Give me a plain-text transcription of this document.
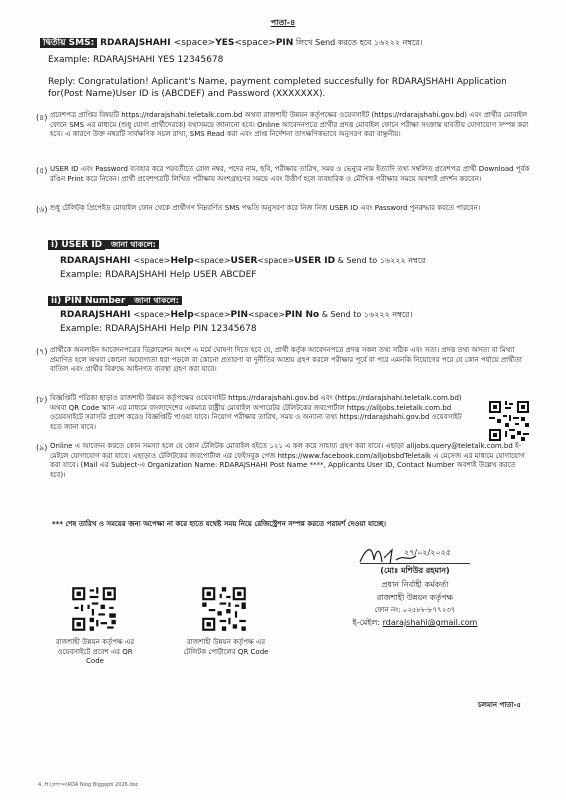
পাতা-৪
দ্বিতীয় SMS: RDARAJSHAHI <space>YES<space>PIN লিখে Send করতে হবে ১৬২২২ নম্বরে।
Example: RDARAJSHAHI YES 12345678
Reply: Congratulation! Aplicant's Name, payment completed succesfully for RDARAJSHAHI Application for(Post Name)User ID is (ABCDEF) and Password (XXXXXXX).
(৪) প্রবেশপত্র প্রাপ্তির বিষয়টি https://rdarajshahi.teletalk.com.bd অথবা রাজশাহী উন্নয়ন কর্তৃপক্ষের ওয়েবসাইট (https://rdarajshahi.gov.bd) এবং প্রার্থীর মোবাইল ফোনে SMS এর মাধ্যমে (শুধু যোগ্য প্রার্থীদেরকে) যথাসময়ে জানানো হবে। Online আবেদনপত্রে প্রার্থীর প্রদত্ত মোবাইল ফোনে পরীক্ষা সংক্রান্ত যাবতীয় যোগাযোগ সম্পন্ন করা হবে। এ কারণে উক্ত নম্বরটি সার্বক্ষণিক সচল রাখা, SMS Read করা এবং প্রাপ্ত নির্দেশনা তাৎক্ষণিকভাবে অনুসরণ করা বাঞ্ছনীয়।
(৫) USER ID এবং Password ব্যবহার করে পরবর্তীতে রোল নম্বর, পদের নাম, ছবি, পরীক্ষার তারিখ, সময় ও ভেন্যুর নাম ইত্যাদি তথ্য সম্বলিত প্রবেশপত্র প্রার্থী Download পূর্বক রঙিন Print করে নিবেন। প্রার্থী প্রবেশপত্রটি লিখিত পরীক্ষায় অংশগ্রহণের সময়ে এবং উত্তীর্ণ হলে ব্যবহারিক ও মৌখিক পরীক্ষার সময়ে অবশ্যই প্রদর্শন করবেন।
(৬) শুধু টেলিটক প্রিপেইড মোবাইল ফোন থেকে প্রার্থীগণ নিম্নবর্ণিত SMS পদ্ধতি অনুসরণ করে নিজ নিজ USER ID এবং Password পুনরুদ্ধার করতে পারবেন।
i) USER ID জানা থাকলে:
RDARAJSHAHI <space>Help<space>USER<space>USER ID & Send to ১৬২২২ নম্বরে
Example: RDARAJSHAHI Help USER ABCDEF
ii) PIN Number জানা থাকলে:
RDARAJSHAHI <space>Help<space>PIN<space>PIN No & Send to ১৬২২২ নম্বরে।
Example: RDARAJSHAHI Help PIN 12345678
(৭) প্রার্থীকে অনলাইন আবেদনপত্রের ডিক্লারেশন অংশে এ মর্মে ঘোষণা দিতে হবে যে, প্রার্থী কর্তৃক আবেদনপত্রে প্রদত্ত সকল তথ্য সঠিক এবং সত্য। প্রদত্ত তথ্য অসত্য বা মিথ্যা প্রমাণিত হলে অথবা কোনো অযোগ্যতা ধরা পড়লে বা কোনো প্রতারণা বা দুর্নীতির আশ্রয় গ্রহণ করলে পরীক্ষার পূর্বে বা পরে এমনকি নিয়োগের পরে যে কোন পর্যায়ে প্রার্থীতা বাতিল এবং প্রার্থীর বিরুদ্ধে আইনগত ব্যবস্থা গ্রহণ করা যাবে।
(৮) বিজ্ঞপ্তিটি পত্রিকা ছাড়াও রাজশাহী উন্নয়ন কর্তৃপক্ষের ওয়েবসাইট https://rdarajshahi.gov.bd এবং (https://rdarajshahi.teletalk.com.bd) অথবা QR Code স্ক্যান এর মাধ্যমে বাংলাদেশের একমাত্র রাষ্ট্রীয় মোবাইল অপারেটর টেলিটকের জবপোর্টাল https://alljobs.teletalk.com.bd ওয়েবসাইটে সরাসরি প্রবেশ করেও বিজ্ঞপ্তিটি পাওয়া যাবে। নিয়োগ পরীক্ষার তারিখ, সময় ও অন্যান্য তথ্য https://rdarajshahi.gov.bd ওয়েবসাইট হতে জানা যাবে।
(৯) Online এ আবেদন করতে কোন সমস্যা হলে যে কোন টেলিটক মোবাইল হইতে ১২১ এ কল করে সাহায্য গ্রহণ করা যাবে। এছাড়া alljobs.query@teletalk.com.bd ই-মেইলে যোগাযোগ করা যাবে। এছাড়াও টেলিটকের জবপোর্টাল এর ফেইসবুক পেজ https://www.facebook.com/alljobsbdTeletalk এ মেসেজ এর মাধ্যমে যোগাযোগ করা যাবে। (Mail এর Subject-এ Organization Name: RDARAJSHAHI Post Name ****, Applicants User ID, Contact Number অবশ্যই উল্লেখ করতে হবে)।
*** শেষ তারিখ ও সময়ের জন্য অপেক্ষা না করে হাতে যথেষ্ট সময় নিয়ে রেজিস্ট্রেশন সম্পন্ন করতে পরামর্শ দেওয়া যাচ্ছে।
২৭/০২/২০২৫
(মোঃ মশিউর রহমান)
প্রধান নির্বাহী কর্মকর্তা
রাজশাহী উন্নয়ন কর্তৃপক্ষ
ফোন নং: ০২৫৮৮-৮৭৭২৩৭
ই-মেইল: rdarajshahi@gmail.com
রাজশাহী উন্নয়ন কর্তৃপক্ষ এর ওয়েবসাইটে প্রবেশ এর QR Code
রাজশাহী উন্নয়ন কর্তৃপক্ষ এর টেলিটক পোর্টালের QR Code
চলমান পাতা-৫
4. H:\প্রশাসন\RDA Niog Biggopti 2026.doc
